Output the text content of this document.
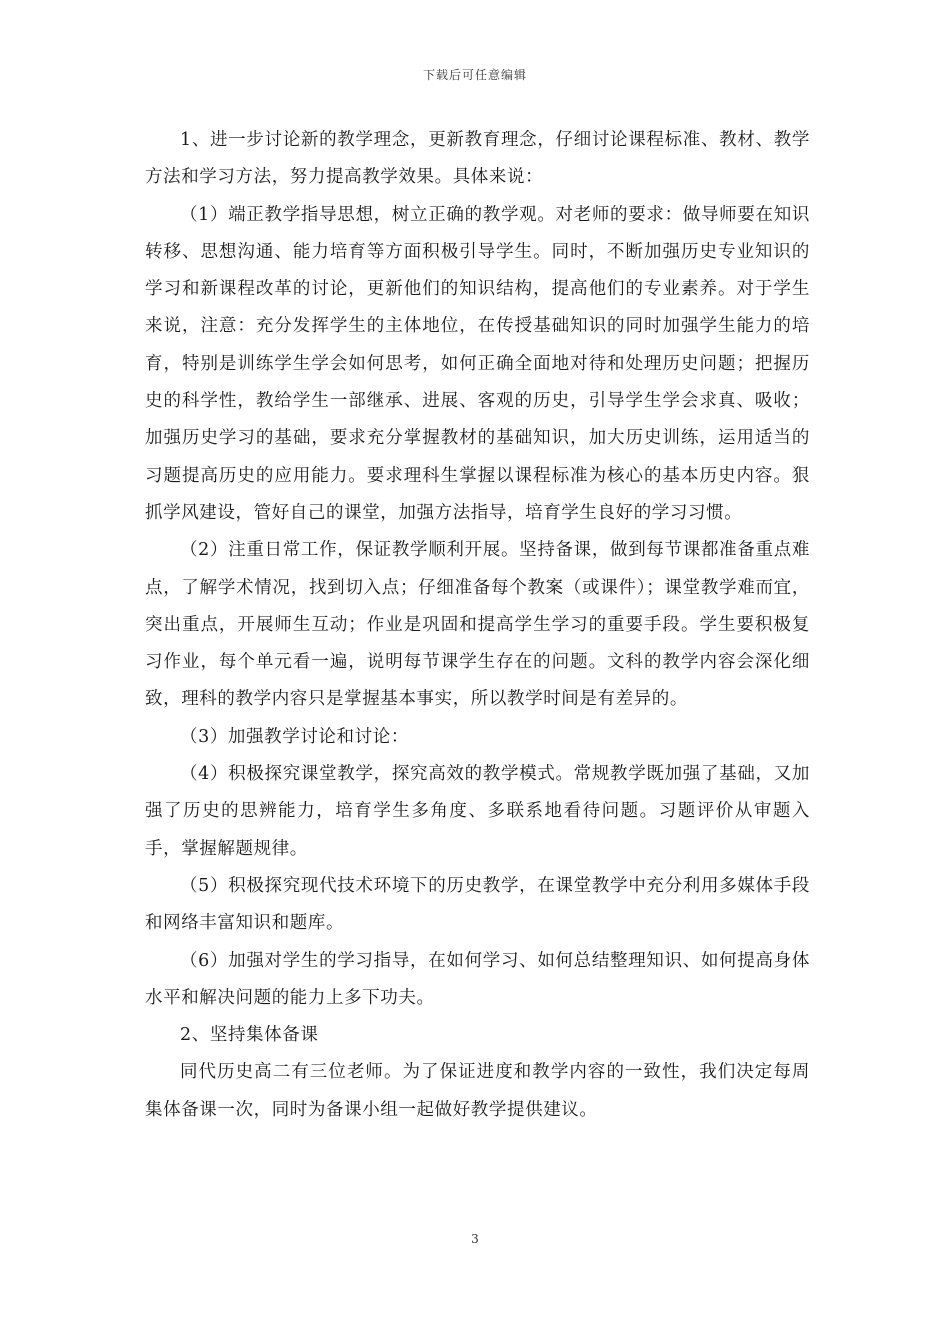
下载后可任意编辑

1、进一步讨论新的教学理念，更新教育理念，仔细讨论课程标准、教材、教学方法和学习方法，努力提高教学效果。具体来说：

（1）端正教学指导思想，树立正确的教学观。对老师的要求：做导师要在知识转移、思想沟通、能力培育等方面积极引导学生。同时，不断加强历史专业知识的学习和新课程改革的讨论，更新他们的知识结构，提高他们的专业素养。对于学生来说，注意：充分发挥学生的主体地位，在传授基础知识的同时加强学生能力的培育，特别是训练学生学会如何思考，如何正确全面地对待和处理历史问题；把握历史的科学性，教给学生一部继承、进展、客观的历史，引导学生学会求真、吸收；加强历史学习的基础，要求充分掌握教材的基础知识，加大历史训练，运用适当的习题提高历史的应用能力。要求理科生掌握以课程标准为核心的基本历史内容。狠抓学风建设，管好自己的课堂，加强方法指导，培育学生良好的学习习惯。

（2）注重日常工作，保证教学顺利开展。坚持备课，做到每节课都准备重点难点，了解学术情况，找到切入点；仔细准备每个教案（或课件）；课堂教学难而宜，突出重点，开展师生互动；作业是巩固和提高学生学习的重要手段。学生要积极复习作业，每个单元看一遍，说明每节课学生存在的问题。文科的教学内容会深化细致，理科的教学内容只是掌握基本事实，所以教学时间是有差异的。

（3）加强教学讨论和讨论：

（4）积极探究课堂教学，探究高效的教学模式。常规教学既加强了基础，又加强了历史的思辨能力，培育学生多角度、多联系地看待问题。习题评价从审题入手，掌握解题规律。

（5）积极探究现代技术环境下的历史教学，在课堂教学中充分利用多媒体手段和网络丰富知识和题库。

（6）加强对学生的学习指导，在如何学习、如何总结整理知识、如何提高身体水平和解决问题的能力上多下功夫。

2、坚持集体备课

同代历史高二有三位老师。为了保证进度和教学内容的一致性，我们决定每周集体备课一次，同时为备课小组一起做好教学提供建议。

3
